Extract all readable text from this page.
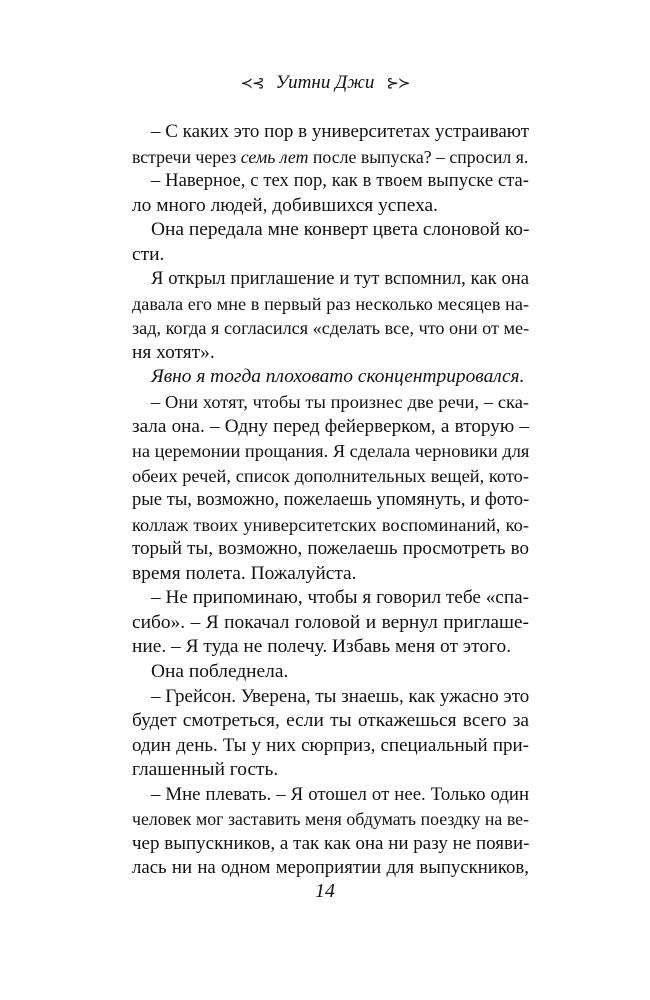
≺⊰ Уитни Джи ⊱≻
– С каких это пор в университетах устраивают
встречи через семь лет после выпуска? – спросил я.
– Наверное, с тех пор, как в твоем выпуске ста-
ло много людей, добившихся успеха.
Она передала мне конверт цвета слоновой ко-
сти.
Я открыл приглашение и тут вспомнил, как она
давала его мне в первый раз несколько месяцев на-
зад, когда я согласился «сделать все, что они от ме-
ня хотят».
Явно я тогда плоховато сконцентрировался.
– Они хотят, чтобы ты произнес две речи, – ска-
зала она. – Одну перед фейерверком, а вторую –
на церемонии прощания. Я сделала черновики для
обеих речей, список дополнительных вещей, кото-
рые ты, возможно, пожелаешь упомянуть, и фото-
коллаж твоих университетских воспоминаний, ко-
торый ты, возможно, пожелаешь просмотреть во
время полета. Пожалуйста.
– Не припоминаю, чтобы я говорил тебе «спа-
сибо». – Я покачал головой и вернул приглаше-
ние. – Я туда не полечу. Избавь меня от этого.
Она побледнела.
– Грейсон. Уверена, ты знаешь, как ужасно это
будет смотреться, если ты откажешься всего за
один день. Ты у них сюрприз, специальный при-
глашенный гость.
– Мне плевать. – Я отошел от нее. Только один
человек мог заставить меня обдумать поездку на ве-
чер выпускников, а так как она ни разу не появи-
лась ни на одном мероприятии для выпускников,
14
